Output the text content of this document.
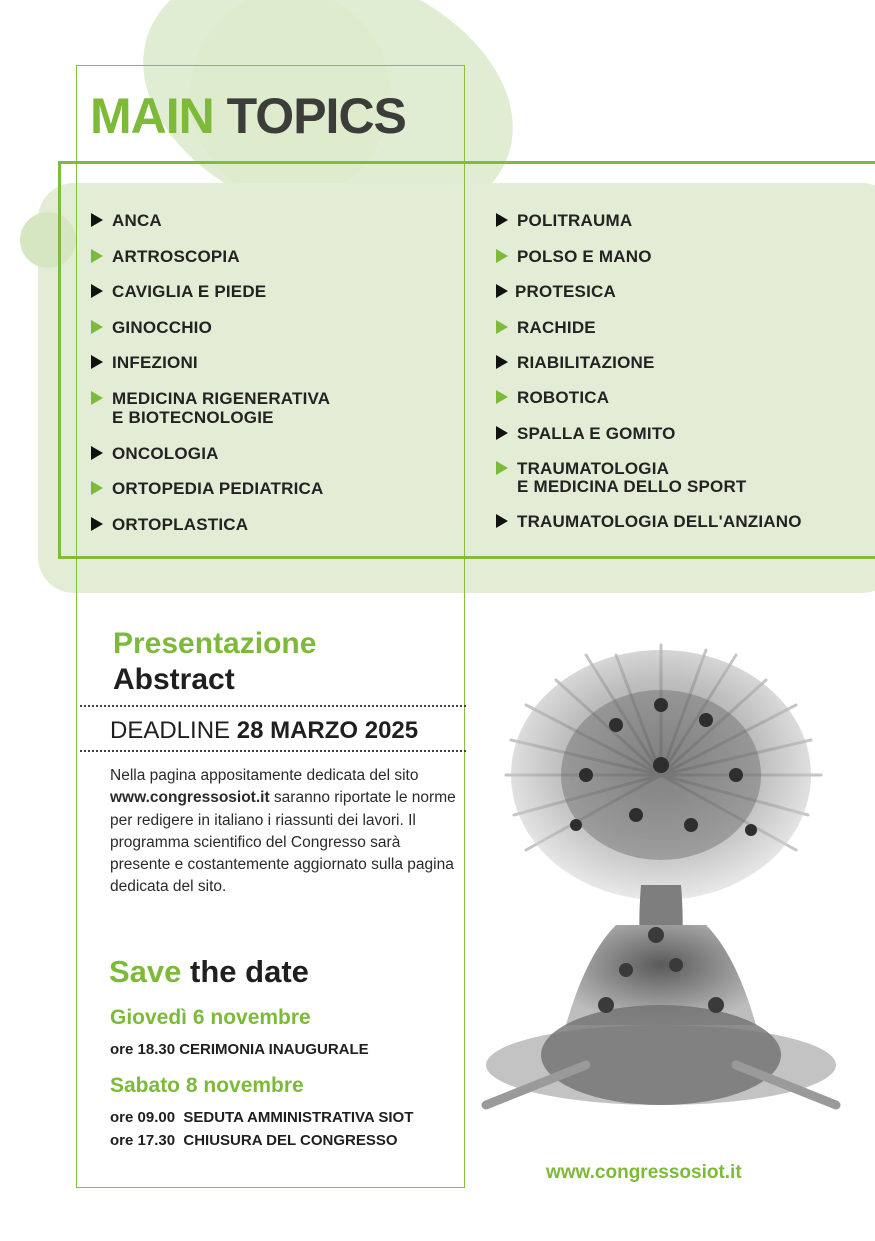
MAIN TOPICS
ANCA
ARTROSCOPIA
CAVIGLIA E PIEDE
GINOCCHIO
INFEZIONI
MEDICINA RIGENERATIVA
E BIOTECNOLOGIE
ONCOLOGIA
ORTOPEDIA PEDIATRICA
ORTOPLASTICA
POLITRAUMA
POLSO E MANO
PROTESICA
RACHIDE
RIABILITAZIONE
ROBOTICA
SPALLA E GOMITO
TRAUMATOLOGIA
E MEDICINA DELLO SPORT
TRAUMATOLOGIA DELL'ANZIANO
Presentazione
Abstract
DEADLINE 28 MARZO 2025
Nella pagina appositamente dedicata del sito www.congressosiot.it saranno riportate le norme per redigere in italiano i riassunti dei lavori. Il programma scientifico del Congresso sarà presente e costantemente aggiornato sulla pagina dedicata del sito.
Save the date
Giovedì 6 novembre
ore 18.30 CERIMONIA INAUGURALE
Sabato 8 novembre
ore 09.00  SEDUTA AMMINISTRATIVA SIOT
ore 17.30  CHIUSURA DEL CONGRESSO
www.congressosiot.it
